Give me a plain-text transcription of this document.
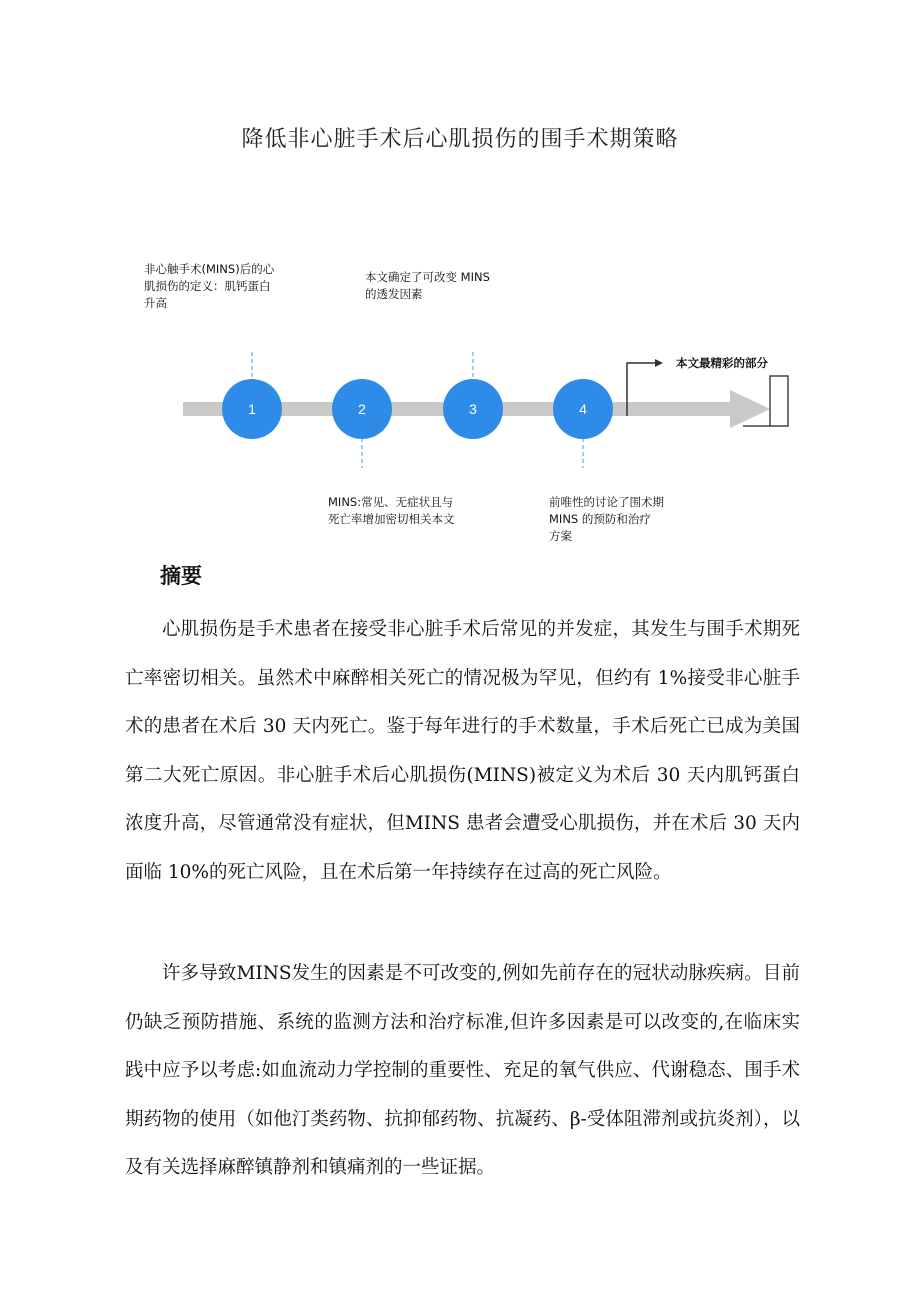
降低非心脏手术后心肌损伤的围手术期策略
非心触手术(MINS)后的心
肌损伤的定义：肌钙蛋白
升高
本文确定了可改变 MINS
的透发因素
MINS:常见、无症状且与
死亡率增加密切相关本文
前唯性的讨论了围术期
MINS 的预防和治疗
方案
1	2	3	4
本文最精彩的部分
摘要
心肌损伤是手术患者在接受非心脏手术后常见的并发症，其发生与围手术期死亡率密切相关。虽然术中麻醉相关死亡的情况极为罕见，但约有 1%接受非心脏手术的患者在术后 30 天内死亡。鉴于每年进行的手术数量，手术后死亡已成为美国第二大死亡原因。非心脏手术后心肌损伤(MINS)被定义为术后 30 天内肌钙蛋白浓度升高，尽管通常没有症状，但MINS 患者会遭受心肌损伤，并在术后 30 天内面临 10%的死亡风险，且在术后第一年持续存在过高的死亡风险。
许多导致MINS发生的因素是不可改变的,例如先前存在的冠状动脉疾病。目前仍缺乏预防措施、系统的监测方法和治疗标准,但许多因素是可以改变的,在临床实践中应予以考虑:如血流动力学控制的重要性、充足的氧气供应、代谢稳态、围手术期药物的使用（如他汀类药物、抗抑郁药物、抗凝药、β-受体阻滞剂或抗炎剂），以及有关选择麻醉镇静剂和镇痛剂的一些证据。
